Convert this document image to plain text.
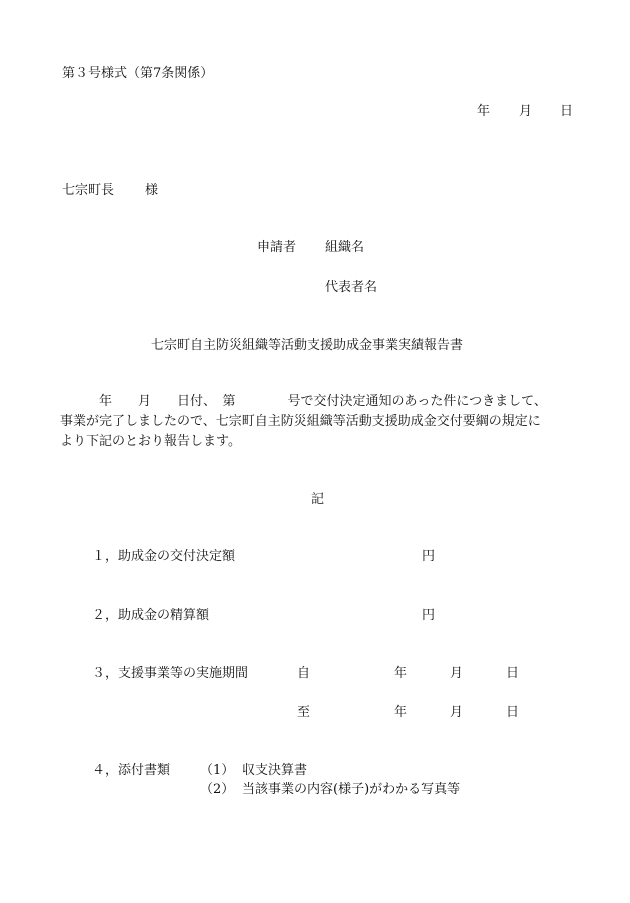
第３号様式（第7条関係）
年 月 日
七宗町長 様
申請者 組織名
代表者名
七宗町自主防災組織等活動支援助成金事業実績報告書
　　　年　　月　　日付、　第　　　　号で交付決定通知のあった件につきまして、
事業が完了しましたので、七宗町自主防災組織等活動支援助成金交付要綱の規定に
より下記のとおり報告します。
記
１，助成金の交付決定額	円
２，助成金の精算額	円
３，支援事業等の実施期間	自	年	月	日
至	年	月	日
４，添付書類 （1） 収支決算書
（2） 当該事業の内容(様子)がわかる写真等
